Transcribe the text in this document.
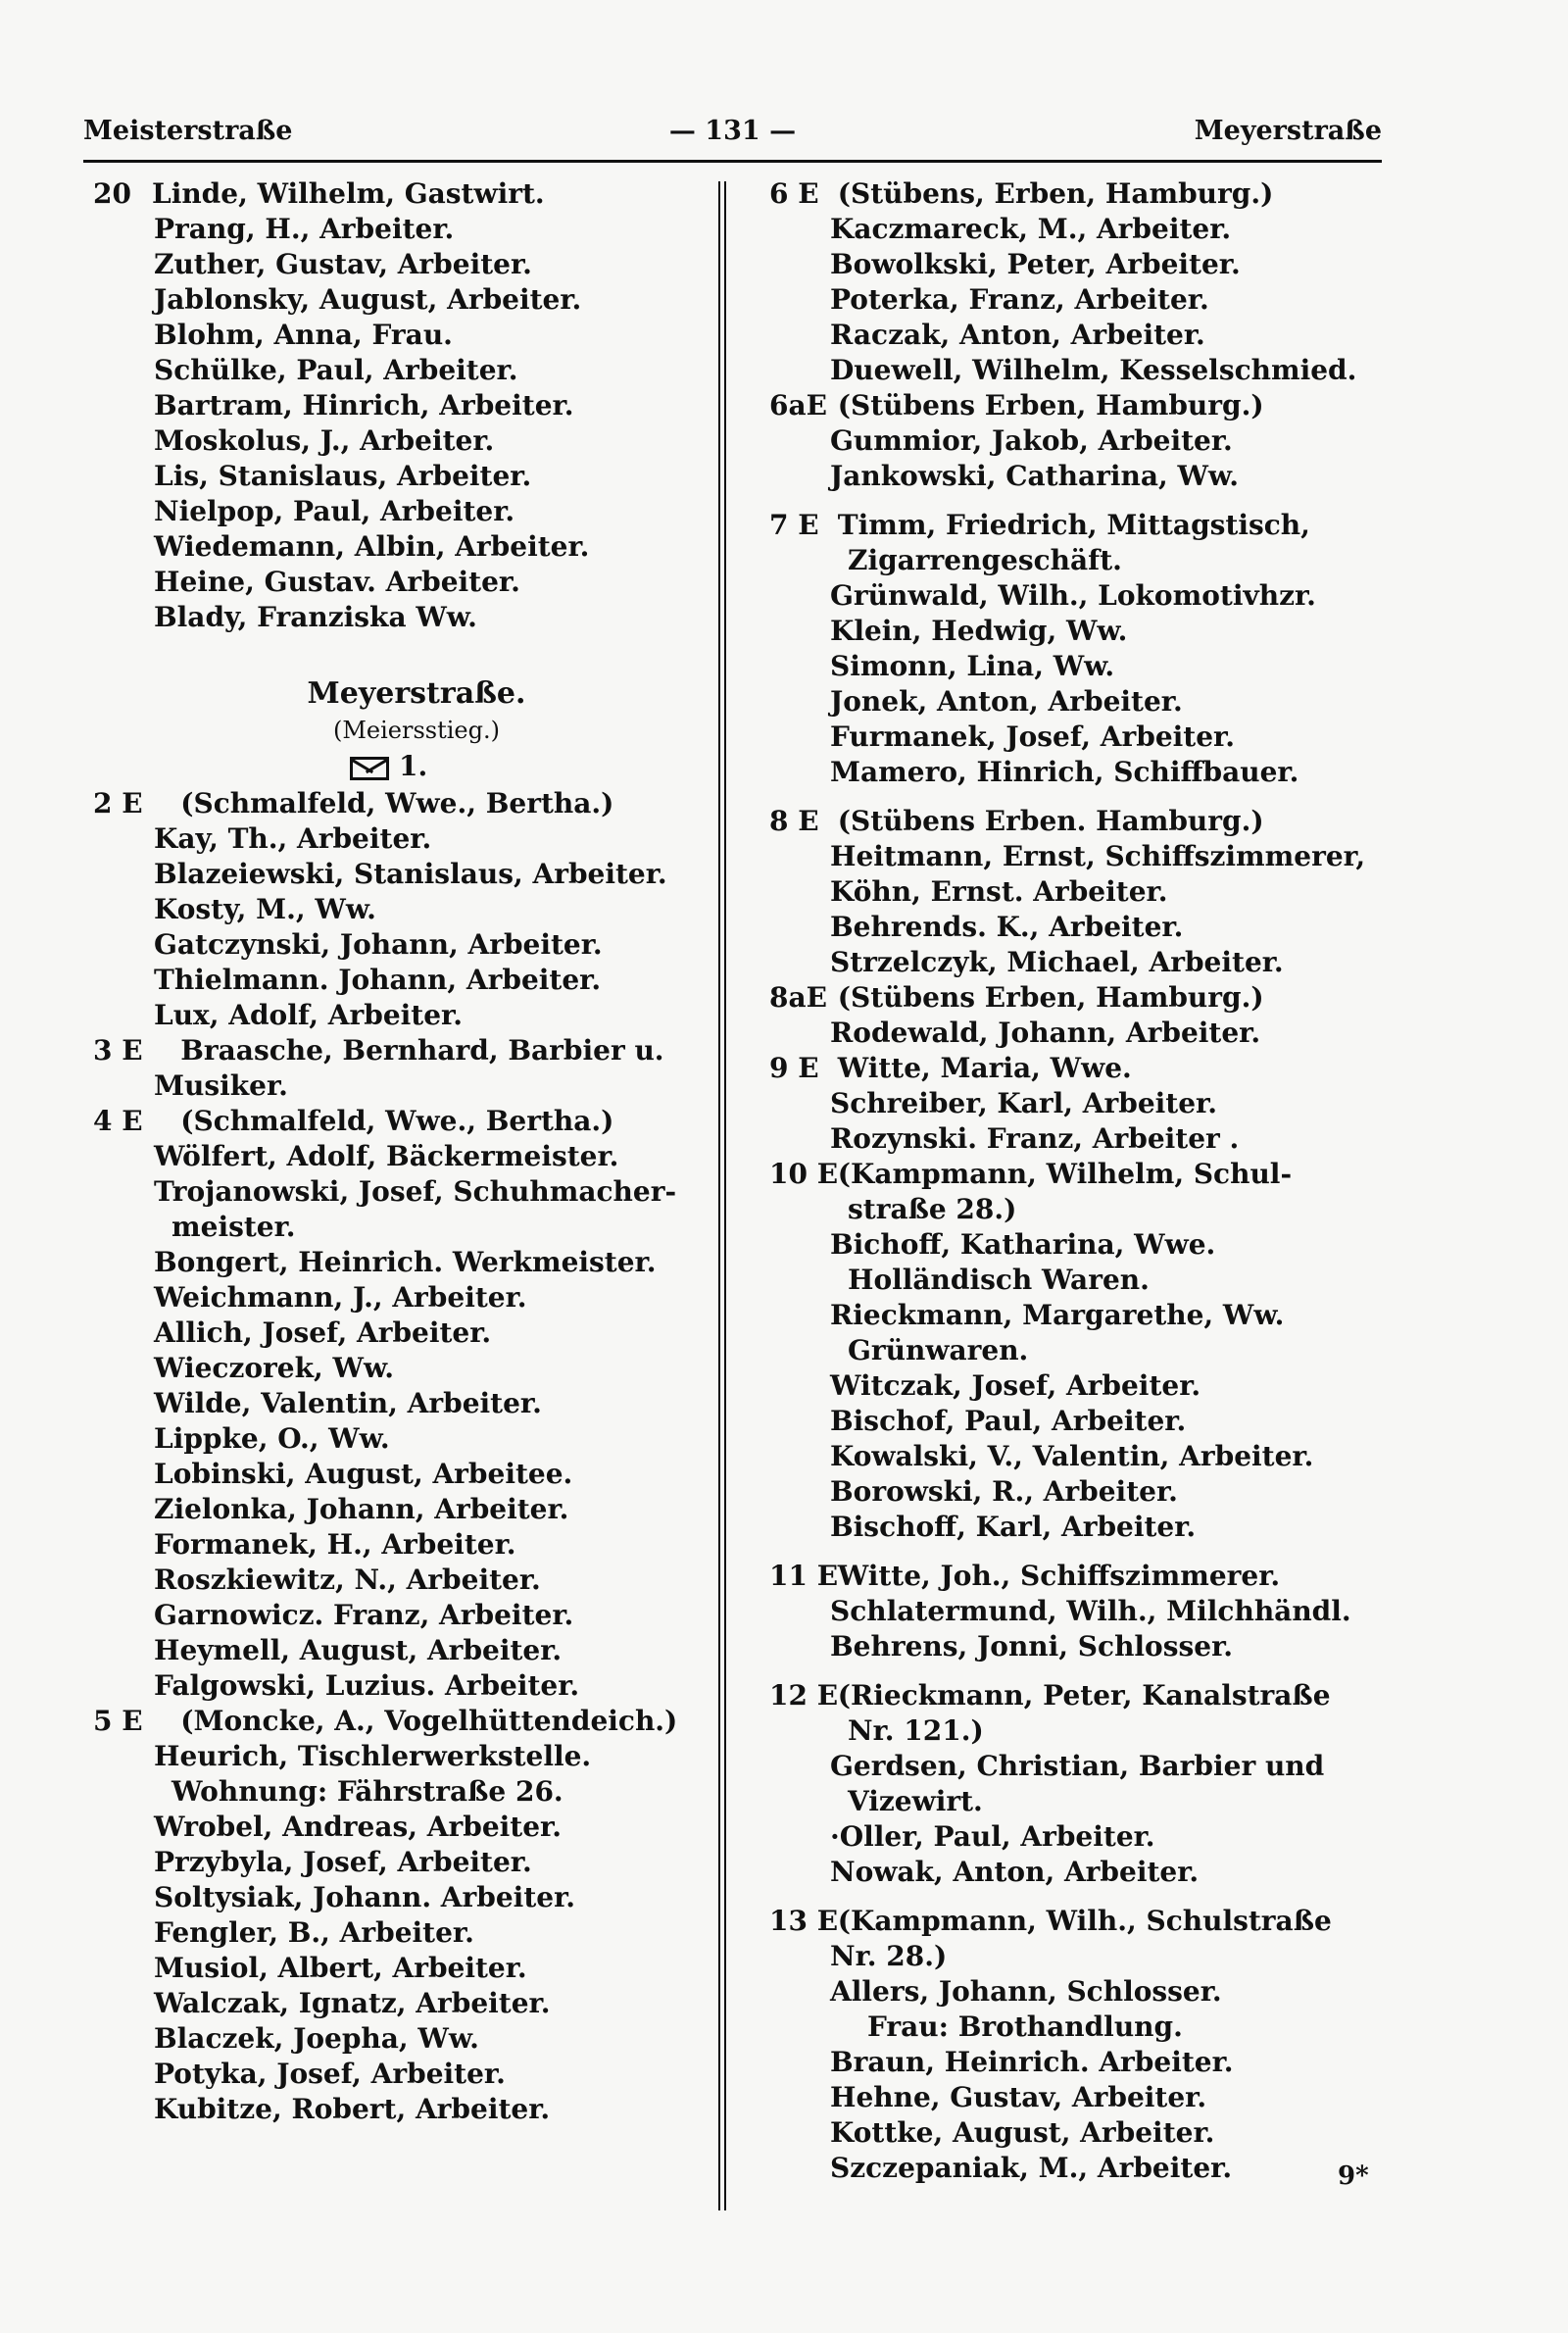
Meisterstraße	— 131 —	Meyerstraße
20 Linde, Wilhelm, Gastwirt.
Prang, H., Arbeiter.
Zuther, Gustav, Arbeiter.
Jablonsky, August, Arbeiter.
Blohm, Anna, Frau.
Schülke, Paul, Arbeiter.
Bartram, Hinrich, Arbeiter.
Moskolus, J., Arbeiter.
Lis, Stanislaus, Arbeiter.
Nielpop, Paul, Arbeiter.
Wiedemann, Albin, Arbeiter.
Heine, Gustav. Arbeiter.
Blady, Franziska Ww.
Meyerstraße.
(Meiersstieg.)
1.
2 E (Schmalfeld, Wwe., Bertha.)
Kay, Th., Arbeiter.
Blazeiewski, Stanislaus, Arbeiter.
Kosty, M., Ww.
Gatczynski, Johann, Arbeiter.
Thielmann. Johann, Arbeiter.
Lux, Adolf, Arbeiter.
3 E Braasche, Bernhard, Barbier u.
Musiker.
4 E (Schmalfeld, Wwe., Bertha.)
Wölfert, Adolf, Bäckermeister.
Trojanowski, Josef, Schuhmacher-
meister.
Bongert, Heinrich. Werkmeister.
Weichmann, J., Arbeiter.
Allich, Josef, Arbeiter.
Wieczorek, Ww.
Wilde, Valentin, Arbeiter.
Lippke, O., Ww.
Lobinski, August, Arbeitee.
Zielonka, Johann, Arbeiter.
Formanek, H., Arbeiter.
Roszkiewitz, N., Arbeiter.
Garnowicz. Franz, Arbeiter.
Heymell, August, Arbeiter.
Falgowski, Luzius. Arbeiter.
5 E (Moncke, A., Vogelhüttendeich.)
Heurich, Tischlerwerkstelle.
Wohnung: Fährstraße 26.
Wrobel, Andreas, Arbeiter.
Przybyla, Josef, Arbeiter.
Soltysiak, Johann. Arbeiter.
Fengler, B., Arbeiter.
Musiol, Albert, Arbeiter.
Walczak, Ignatz, Arbeiter.
Blaczek, Joepha, Ww.
Potyka, Josef, Arbeiter.
Kubitze, Robert, Arbeiter.
6 E (Stübens, Erben, Hamburg.)
Kaczmareck, M., Arbeiter.
Bowolkski, Peter, Arbeiter.
Poterka, Franz, Arbeiter.
Raczak, Anton, Arbeiter.
Duewell, Wilhelm, Kesselschmied.
6aE (Stübens Erben, Hamburg.)
Gummior, Jakob, Arbeiter.
Jankowski, Catharina, Ww.
7 E Timm, Friedrich, Mittagstisch,
Zigarrengeschäft.
Grünwald, Wilh., Lokomotivhzr.
Klein, Hedwig, Ww.
Simonn, Lina, Ww.
Jonek, Anton, Arbeiter.
Furmanek, Josef, Arbeiter.
Mamero, Hinrich, Schiffbauer.
8 E (Stübens Erben. Hamburg.)
Heitmann, Ernst, Schiffszimmerer,
Köhn, Ernst. Arbeiter.
Behrends. K., Arbeiter.
Strzelczyk, Michael, Arbeiter.
8aE (Stübens Erben, Hamburg.)
Rodewald, Johann, Arbeiter.
9 E Witte, Maria, Wwe.
Schreiber, Karl, Arbeiter.
Rozynski. Franz, Arbeiter .
10 E (Kampmann, Wilhelm, Schul-
straße 28.)
Bichoff, Katharina, Wwe.
Holländisch Waren.
Rieckmann, Margarethe, Ww.
Grünwaren.
Witczak, Josef, Arbeiter.
Bischof, Paul, Arbeiter.
Kowalski, V., Valentin, Arbeiter.
Borowski, R., Arbeiter.
Bischoff, Karl, Arbeiter.
11 E Witte, Joh., Schiffszimmerer.
Schlatermund, Wilh., Milchhändl.
Behrens, Jonni, Schlosser.
12 E (Rieckmann, Peter, Kanalstraße
Nr. 121.)
Gerdsen, Christian, Barbier und
Vizewirt.
·Oller, Paul, Arbeiter.
Nowak, Anton, Arbeiter.
13 E (Kampmann, Wilh., Schulstraße
Nr. 28.)
Allers, Johann, Schlosser.
Frau: Brothandlung.
Braun, Heinrich. Arbeiter.
Hehne, Gustav, Arbeiter.
Kottke, August, Arbeiter.
Szczepaniak, M., Arbeiter.	9*
